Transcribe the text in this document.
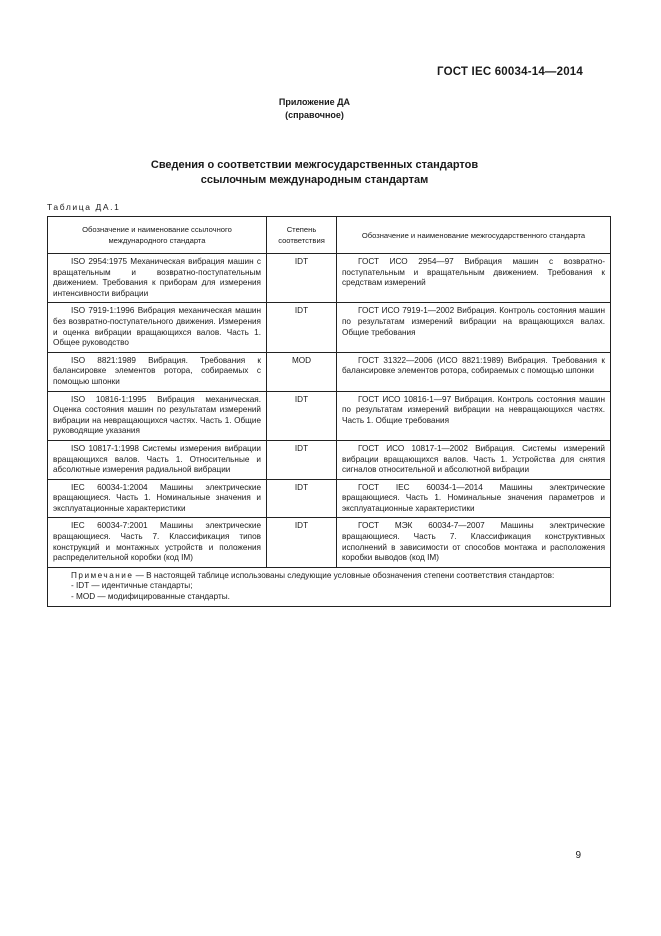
ГОСТ IEC 60034-14—2014
Приложение ДА
(справочное)
Сведения о соответствии межгосударственных стандартов
ссылочным международным стандартам
Таблица ДА.1
Обозначение и наименование ссылочного международного стандарта	Степень соответствия	Обозначение и наименование межгосударственного стандарта
ISO 2954:1975 Механическая вибрация машин с вращательным и возвратно-поступательным движением. Требования к приборам для измерения интенсивности вибрации	IDT	ГОСТ ИСО 2954—97 Вибрация машин с возвратно-поступательным и вращательным движением. Требования к средствам измерений
ISO 7919-1:1996 Вибрация механическая машин без возвратно-поступательного движения. Измерения и оценка вибрации вращающихся валов. Часть 1. Общее руководство	IDT	ГОСТ ИСО 7919-1—2002 Вибрация. Контроль состояния машин по результатам измерений вибрации на вращающихся валах. Общие требования
ISO 8821:1989 Вибрация. Требования к балансировке элементов ротора, собираемых с помощью шпонки	MOD	ГОСТ 31322—2006 (ИСО 8821:1989) Вибрация. Требования к балансировке элементов ротора, собираемых с помощью шпонки
ISO 10816-1:1995 Вибрация механическая. Оценка состояния машин по результатам измерений вибрации на невращающихся частях. Часть 1. Общие руководящие указания	IDT	ГОСТ ИСО 10816-1—97 Вибрация. Контроль состояния машин по результатам измерений вибрации на невращающихся частях. Часть 1. Общие требования
ISO 10817-1:1998 Системы измерения вибрации вращающихся валов. Часть 1. Относительные и абсолютные измерения радиальной вибрации	IDT	ГОСТ ИСО 10817-1—2002 Вибрация. Системы измерений вибрации вращающихся валов. Часть 1. Устройства для снятия сигналов относительной и абсолютной вибрации
IEC 60034-1:2004 Машины электрические вращающиеся. Часть 1. Номинальные значения и эксплуатационные характеристики	IDT	ГОСТ IEC 60034-1—2014 Машины электрические вращающиеся. Часть 1. Номинальные значения параметров и эксплуатационные характеристики
IEC 60034-7:2001 Машины электрические вращающиеся. Часть 7. Классификация типов конструкций и монтажных устройств и положения распределительной коробки (код IM)	IDT	ГОСТ МЭК 60034-7—2007 Машины электрические вращающиеся. Часть 7. Классификация конструктивных исполнений в зависимости от способов монтажа и расположения коробки выводов (код IM)

Примечание — В настоящей таблице использованы следующие условные обозначения степени соответствия стандартов:
- IDT — идентичные стандарты;
- MOD — модифицированные стандарты.		
9
